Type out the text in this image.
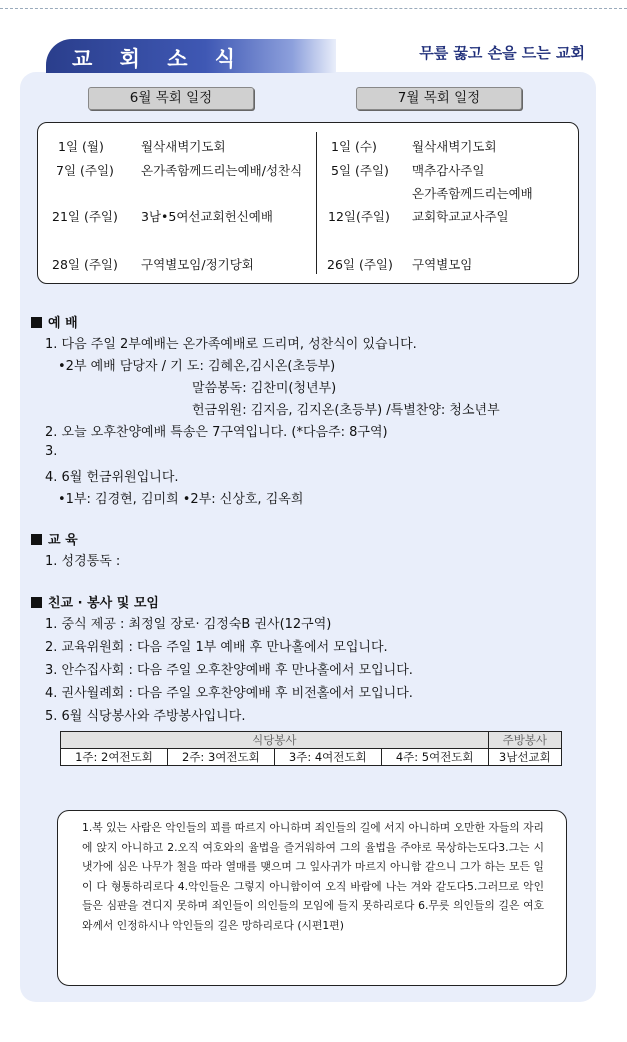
교 회 소 식	무릎 꿇고 손을 드는 교회
6월 목회 일정	7월 목회 일정
1일 (월)	월삭새벽기도회
7일 (주일) 온가족함께드리는예배/성찬식
21일 (주일) 3남•5여선교회헌신예배
28일 (주일) 구역별모임/정기당회
1일 (수)	월삭새벽기도회
5일 (주일) 맥추감사주일
온가족함께드리는예배
12일(주일) 교회학교교사주일
26일 (주일) 구역별모임
예 배
1. 다음 주일 2부예배는 온가족예배로 드리며, 성찬식이 있습니다.
•2부 예배 담당자 / 기 도: 김혜온,김시온(초등부)
말씀봉독: 김찬미(청년부)
헌금위원: 김지음, 김지온(초등부) /특별찬양: 청소년부
2. 오늘 오후찬양예배 특송은 7구역입니다. (*다음주: 8구역)
3.
4. 6월 헌금위원입니다.
•1부: 김경현, 김미희 •2부: 신상호, 김옥희
교 육
1. 성경통독 :
친교 · 봉사 및 모임
1. 중식 제공 : 최정일 장로· 김정숙B 권사(12구역)
2. 교육위원회 : 다음 주일 1부 예배 후 만나홀에서 모입니다.
3. 안수집사회 : 다음 주일 오후찬양예배 후 만나홀에서 모입니다.
4. 권사월례회 : 다음 주일 오후찬양예배 후 비전홀에서 모입니다.
5. 6월 식당봉사와 주방봉사입니다.
식당봉사				주방봉사
1주: 2여전도회	2주: 3여전도회	3주: 4여전도회	4주: 5여전도회	3남선교회
1.복 있는 사람은 악인들의 꾀를 따르지 아니하며 죄인들의 길에 서지 아니하며 오만한 자들의 자리에 앉지 아니하고 2.오직 여호와의 율법을 즐거워하여 그의 율법을 주야로 묵상하는도다3.그는 시냇가에 심은 나무가 철을 따라 열매를 맺으며 그 잎사귀가 마르지 아니함 같으니 그가 하는 모든 일이 다 형통하리로다 4.악인들은 그렇지 아니함이여 오직 바람에 나는 겨와 같도다5.그러므로 악인들은 심판을 견디지 못하며 죄인들이 의인들의 모임에 들지 못하리로다 6.무릇 의인들의 길은 여호와께서 인정하시나 악인들의 길은 망하리로다 (시편1편)
